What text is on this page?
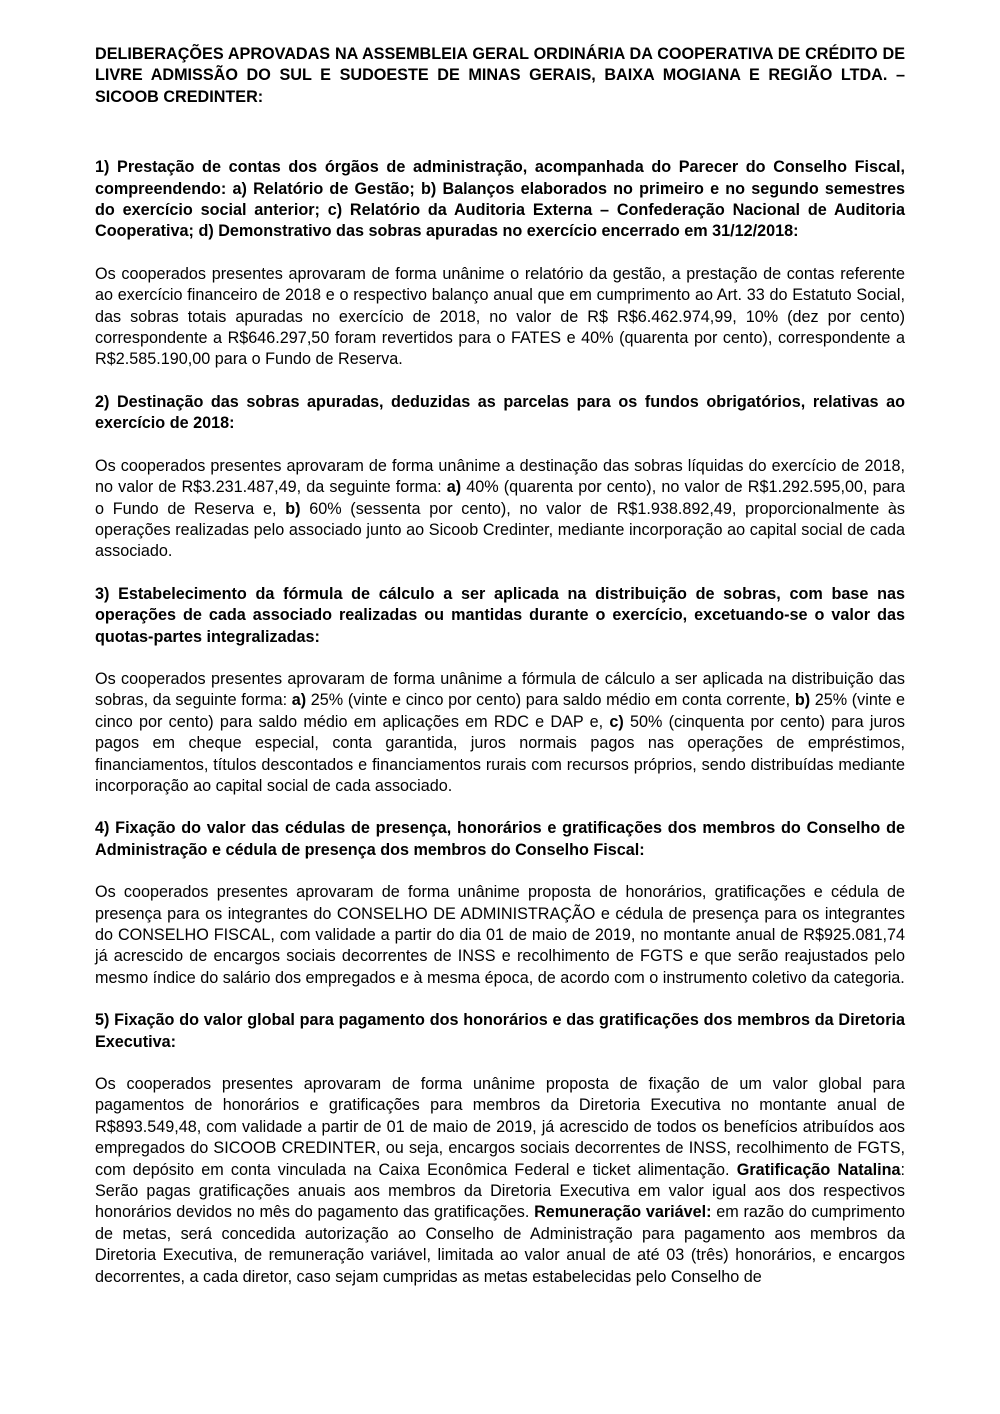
DELIBERAÇÕES APROVADAS NA ASSEMBLEIA GERAL ORDINÁRIA DA COOPERATIVA DE CRÉDITO DE LIVRE ADMISSÃO DO SUL E SUDOESTE DE MINAS GERAIS, BAIXA MOGIANA E REGIÃO LTDA. – SICOOB CREDINTER:

1) Prestação de contas dos órgãos de administração, acompanhada do Parecer do Conselho Fiscal, compreendendo: a) Relatório de Gestão; b) Balanços elaborados no primeiro e no segundo semestres do exercício social anterior; c) Relatório da Auditoria Externa – Confederação Nacional de Auditoria Cooperativa; d) Demonstrativo das sobras apuradas no exercício encerrado em 31/12/2018:

Os cooperados presentes aprovaram de forma unânime o relatório da gestão, a prestação de contas referente ao exercício financeiro de 2018 e o respectivo balanço anual que em cumprimento ao Art. 33 do Estatuto Social, das sobras totais apuradas no exercício de 2018, no valor de R$ R$6.462.974,99, 10% (dez por cento) correspondente a R$646.297,50 foram revertidos para o FATES e 40% (quarenta por cento), correspondente a R$2.585.190,00 para o Fundo de Reserva.

2) Destinação das sobras apuradas, deduzidas as parcelas para os fundos obrigatórios, relativas ao exercício de 2018:

Os cooperados presentes aprovaram de forma unânime a destinação das sobras líquidas do exercício de 2018, no valor de R$3.231.487,49, da seguinte forma: a) 40% (quarenta por cento), no valor de R$1.292.595,00, para o Fundo de Reserva e, b) 60% (sessenta por cento), no valor de R$1.938.892,49, proporcionalmente às operações realizadas pelo associado junto ao Sicoob Credinter, mediante incorporação ao capital social de cada associado.

3) Estabelecimento da fórmula de cálculo a ser aplicada na distribuição de sobras, com base nas operações de cada associado realizadas ou mantidas durante o exercício, excetuando-se o valor das quotas-partes integralizadas:

Os cooperados presentes aprovaram de forma unânime a fórmula de cálculo a ser aplicada na distribuição das sobras, da seguinte forma: a) 25% (vinte e cinco por cento) para saldo médio em conta corrente, b) 25% (vinte e cinco por cento) para saldo médio em aplicações em RDC e DAP e, c) 50% (cinquenta por cento) para juros pagos em cheque especial, conta garantida, juros normais pagos nas operações de empréstimos, financiamentos, títulos descontados e financiamentos rurais com recursos próprios, sendo distribuídas mediante incorporação ao capital social de cada associado.

4) Fixação do valor das cédulas de presença, honorários e gratificações dos membros do Conselho de Administração e cédula de presença dos membros do Conselho Fiscal:

Os cooperados presentes aprovaram de forma unânime proposta de honorários, gratificações e cédula de presença para os integrantes do CONSELHO DE ADMINISTRAÇÃO e cédula de presença para os integrantes do CONSELHO FISCAL, com validade a partir do dia 01 de maio de 2019, no montante anual de R$925.081,74 já acrescido de encargos sociais decorrentes de INSS e recolhimento de FGTS e que serão reajustados pelo mesmo índice do salário dos empregados e à mesma época, de acordo com o instrumento coletivo da categoria.

5) Fixação do valor global para pagamento dos honorários e das gratificações dos membros da Diretoria Executiva:

Os cooperados presentes aprovaram de forma unânime proposta de fixação de um valor global para pagamentos de honorários e gratificações para membros da Diretoria Executiva no montante anual de R$893.549,48, com validade a partir de 01 de maio de 2019, já acrescido de todos os benefícios atribuídos aos empregados do SICOOB CREDINTER, ou seja, encargos sociais decorrentes de INSS, recolhimento de FGTS, com depósito em conta vinculada na Caixa Econômica Federal e ticket alimentação. Gratificação Natalina: Serão pagas gratificações anuais aos membros da Diretoria Executiva em valor igual aos dos respectivos honorários devidos no mês do pagamento das gratificações. Remuneração variável: em razão do cumprimento de metas, será concedida autorização ao Conselho de Administração para pagamento aos membros da Diretoria Executiva, de remuneração variável, limitada ao valor anual de até 03 (três) honorários, e encargos decorrentes, a cada diretor, caso sejam cumpridas as metas estabelecidas pelo Conselho de
